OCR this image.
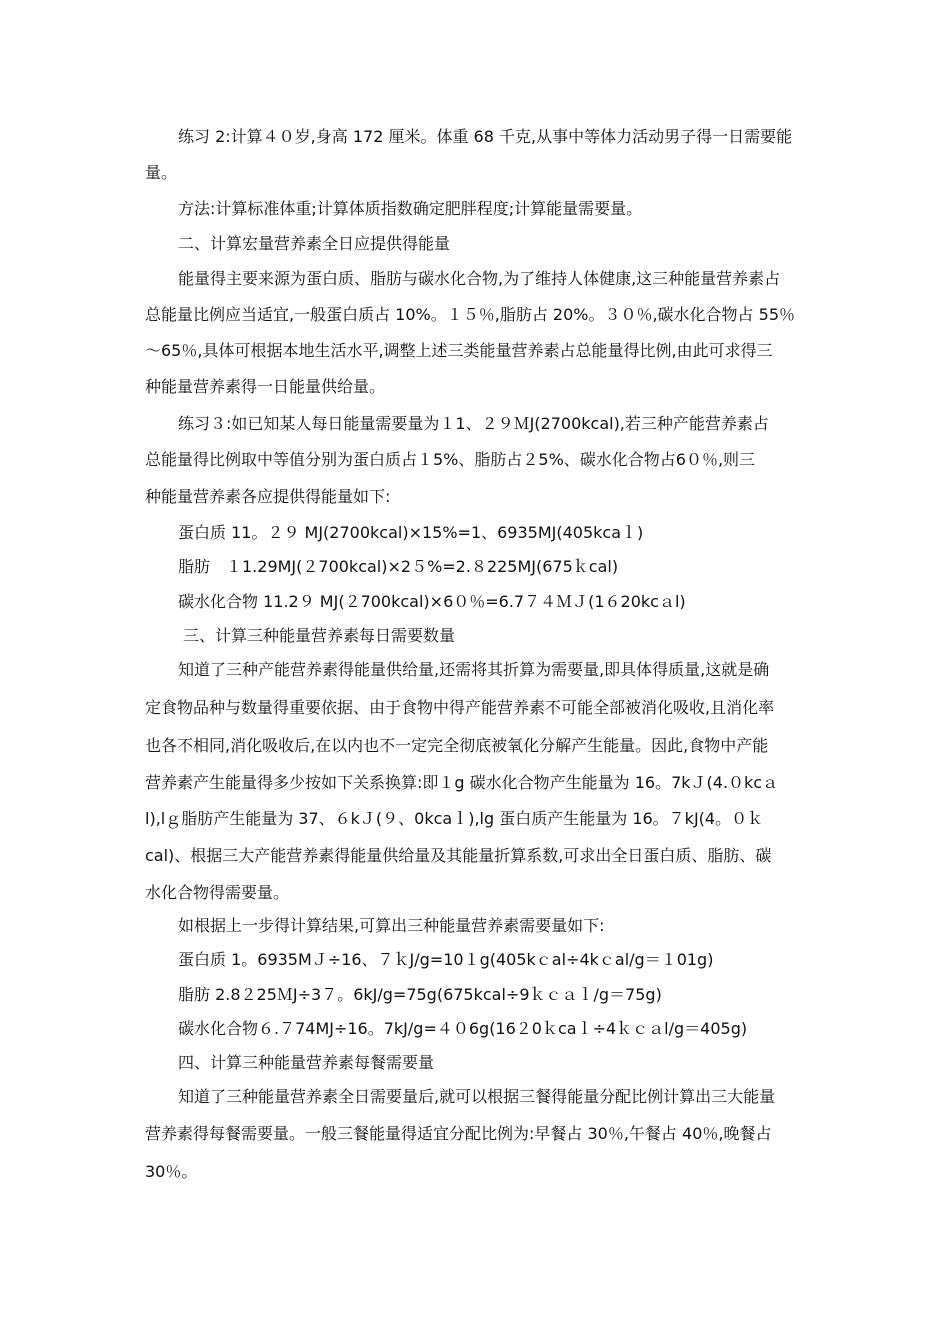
练习 2:计算４０岁,身高 172 厘米。体重 68 千克,从事中等体力活动男子得一日需要能
量。
方法:计算标准体重;计算体质指数确定肥胖程度;计算能量需要量。
二、计算宏量营养素全日应提供得能量
能量得主要来源为蛋白质、脂肪与碳水化合物,为了维持人体健康,这三种能量营养素占
总能量比例应当适宜,一般蛋白质占 10%。１５％,脂肪占 20%。３０％,碳水化合物占 55％
～65％,具体可根据本地生活水平,调整上述三类能量营养素占总能量得比例,由此可求得三
种能量营养素得一日能量供给量。
练习３:如已知某人每日能量需要量为１1、２９ＭJ(2700kcal),若三种产能营养素占
总能量得比例取中等值分别为蛋白质占１5%、脂肪占２5%、碳水化合物占6０％,则三
种能量营养素各应提供得能量如下:
蛋白质 11。２９ MJ(2700kcal)×15%=1、6935MJ(405kcaｌ)
脂肪　１1.29MJ(２700kcal)×2５%=2.８225MJ(675ｋcal)
碳水化合物 11.2９ MJ(２700kcal)×6０％=6.7７４ＭＪ(1６20kcａl)
三、计算三种能量营养素每日需要数量
知道了三种产能营养素得能量供给量,还需将其折算为需要量,即具体得质量,这就是确
定食物品种与数量得重要依据、由于食物中得产能营养素不可能全部被消化吸收,且消化率
也各不相同,消化吸收后,在以内也不一定完全彻底被氧化分解产生能量。因此,食物中产能
营养素产生能量得多少按如下关系换算:即１g 碳水化合物产生能量为 16。7kＪ(4.０kcａ
l),lｇ脂肪产生能量为 37、６kＪ(９、0kcaｌ),lg 蛋白质产生能量为 16。７kJ(4。０ｋ
cal)、根据三大产能营养素得能量供给量及其能量折算系数,可求出全日蛋白质、脂肪、碳
水化合物得需要量。
如根据上一步得计算结果,可算出三种能量营养素需要量如下:
蛋白质 1。6935MＪ÷16、７ｋJ/g=10１g(405kｃal÷4kｃal/g＝１01g)
脂肪 2.8２25ＭJ÷3７。6kJ/g=75g(675kcal÷9ｋｃａｌ/g＝75g)
碳水化合物６.７74MJ÷16。7kJ/g=４０6g(16２0ｋcaｌ÷4ｋｃａl/g＝405g)
四、计算三种能量营养素每餐需要量
知道了三种能量营养素全日需要量后,就可以根据三餐得能量分配比例计算出三大能量
营养素得每餐需要量。一般三餐能量得适宜分配比例为:早餐占 30％,午餐占 40％,晚餐占
30％。
